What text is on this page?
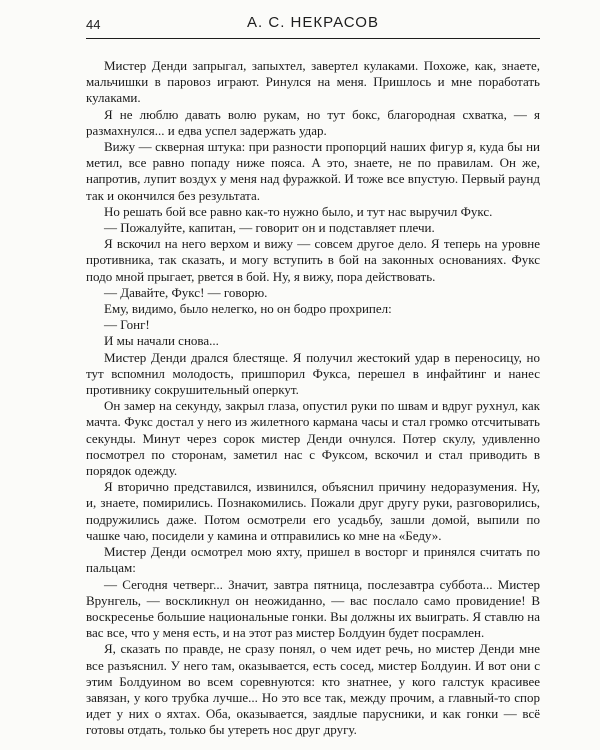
44	А. С. НЕКРАСОВ

Мистер Денди запрыгал, запыхтел, завертел кулаками. Похоже, как, знаете, мальчишки в паровоз играют. Ринулся на меня. Пришлось и мне поработать кулаками.

Я не люблю давать волю рукам, но тут бокс, благородная схватка, — я размахнулся... и едва успел задержать удар.

Вижу — скверная штука: при разности пропорций наших фигур я, куда бы ни метил, все равно попаду ниже пояса. А это, знаете, не по правилам. Он же, напротив, лупит воздух у меня над фуражкой. И тоже все впустую. Первый раунд так и окончился без результата.

Но решать бой все равно как-то нужно было, и тут нас выручил Фукс.

— Пожалуйте, капитан, — говорит он и подставляет плечи.

Я вскочил на него верхом и вижу — совсем другое дело. Я теперь на уровне противника, так сказать, и могу вступить в бой на законных основаниях. Фукс подо мной прыгает, рвется в бой. Ну, я вижу, пора действовать.

— Давайте, Фукс! — говорю.

Ему, видимо, было нелегко, но он бодро прохрипел:

— Гонг!

И мы начали снова...

Мистер Денди дрался блестяще. Я получил жестокий удар в переносицу, но тут вспомнил молодость, пришпорил Фукса, перешел в инфайтинг и нанес противнику сокрушительный оперкут.

Он замер на секунду, закрыл глаза, опустил руки по швам и вдруг рухнул, как мачта. Фукс достал у него из жилетного кармана часы и стал громко отсчитывать секунды. Минут через сорок мистер Денди очнулся. Потер скулу, удивленно посмотрел по сторонам, заметил нас с Фуксом, вскочил и стал приводить в порядок одежду.

Я вторично представился, извинился, объяснил причину недоразумения. Ну, и, знаете, помирились. Познакомились. Пожали друг другу руки, разговорились, подружились даже. Потом осмотрели его усадьбу, зашли домой, выпили по чашке чаю, посидели у камина и отправились ко мне на «Беду».

Мистер Денди осмотрел мою яхту, пришел в восторг и принялся считать по пальцам:

— Сегодня четверг... Значит, завтра пятница, послезавтра суббота... Мистер Врунгель, — воскликнул он неожиданно, — вас послало само провидение! В воскресенье большие национальные гонки. Вы должны их выиграть. Я ставлю на вас все, что у меня есть, и на этот раз мистер Болдуин будет посрамлен.

Я, сказать по правде, не сразу понял, о чем идет речь, но мистер Денди мне все разъяснил. У него там, оказывается, есть сосед, мистер Болдуин. И вот они с этим Болдуином во всем соревнуются: кто знатнее, у кого галстук красивее завязан, у кого трубка лучше... Но это все так, между прочим, а главный-то спор идет у них о яхтах. Оба, оказывается, заядлые парусники, и как гонки — всё готовы отдать, только бы утереть нос друг другу.
